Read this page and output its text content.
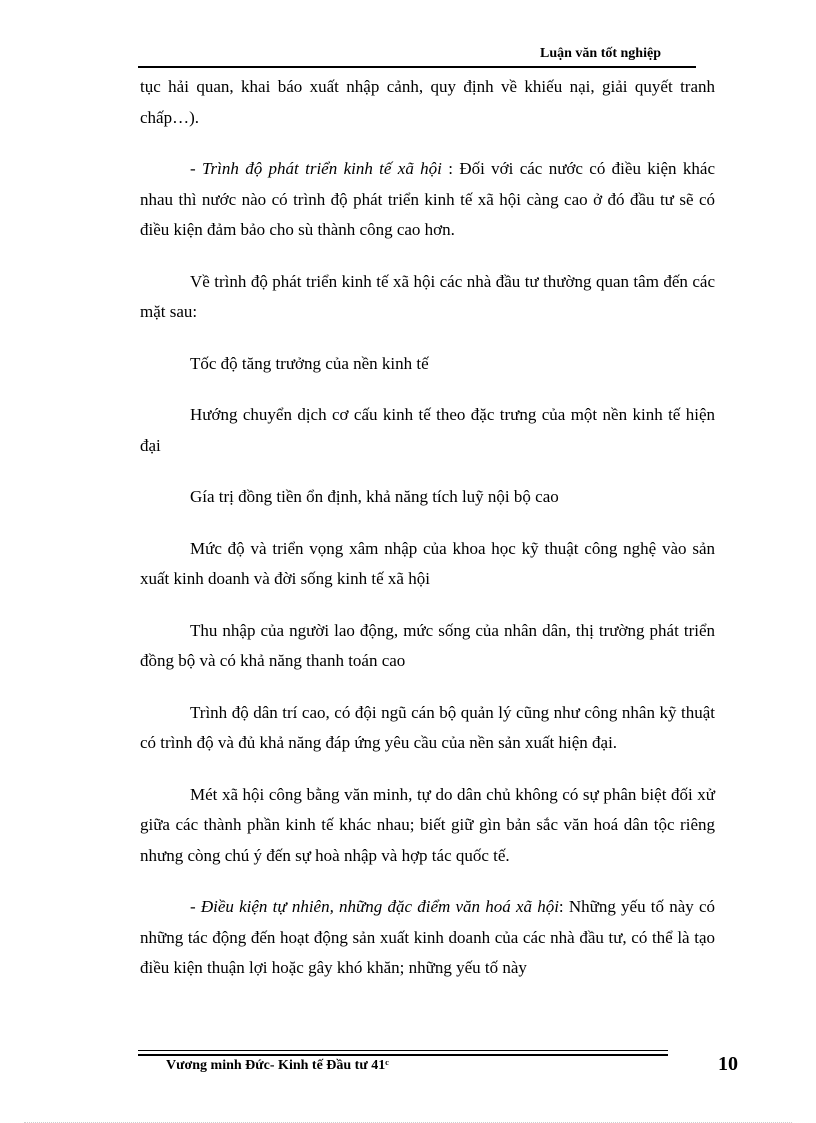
Luận văn tốt nghiệp

tục hải quan, khai báo xuất nhập cảnh, quy định về khiếu nại, giải quyết tranh chấp…).

- Trình độ phát triển kinh tế xã hội : Đối với các nước có điều kiện khác nhau thì nước nào có trình độ phát triển kinh tế xã hội càng cao ở đó đầu tư sẽ có điều kiện đảm bảo cho sù thành công cao hơn.

Về trình độ phát triển kinh tế xã hội các nhà đầu tư thường quan tâm đến các mặt sau:

Tốc độ tăng trưởng của nền kinh tế

Hướng chuyển dịch cơ cấu kinh tế theo đặc trưng của một nền kinh tế hiện đại

Gía trị đồng tiền ổn định, khả năng tích luỹ nội bộ cao

Mức độ và triển vọng xâm nhập của khoa học kỹ thuật công nghệ vào sản xuất kinh doanh và đời sống kinh tế xã hội

Thu nhập của người lao động, mức sống của nhân dân, thị trường phát triển đồng bộ và có khả năng thanh toán cao

Trình độ dân trí cao, có đội ngũ cán bộ quản lý cũng như công nhân kỹ thuật có trình độ và đủ khả năng đáp ứng yêu cầu của nền sản xuất hiện đại.

Mét xã hội công bằng văn minh, tự do dân chủ không có sự phân biệt đối xử giữa các thành phần kinh tế khác nhau; biết giữ gìn bản sắc văn hoá dân tộc riêng nhưng còng chú ý đến sự hoà nhập và hợp tác quốc tế.

- Điều kiện tự nhiên, những đặc điểm văn hoá xã hội: Những yếu tố này có những tác động đến hoạt động sản xuất kinh doanh của các nhà đầu tư, có thể là tạo điều kiện thuận lợi hoặc gây khó khăn; những yếu tố này

Vương minh Đức- Kinh tế Đầu tư 41ᶜ	10
